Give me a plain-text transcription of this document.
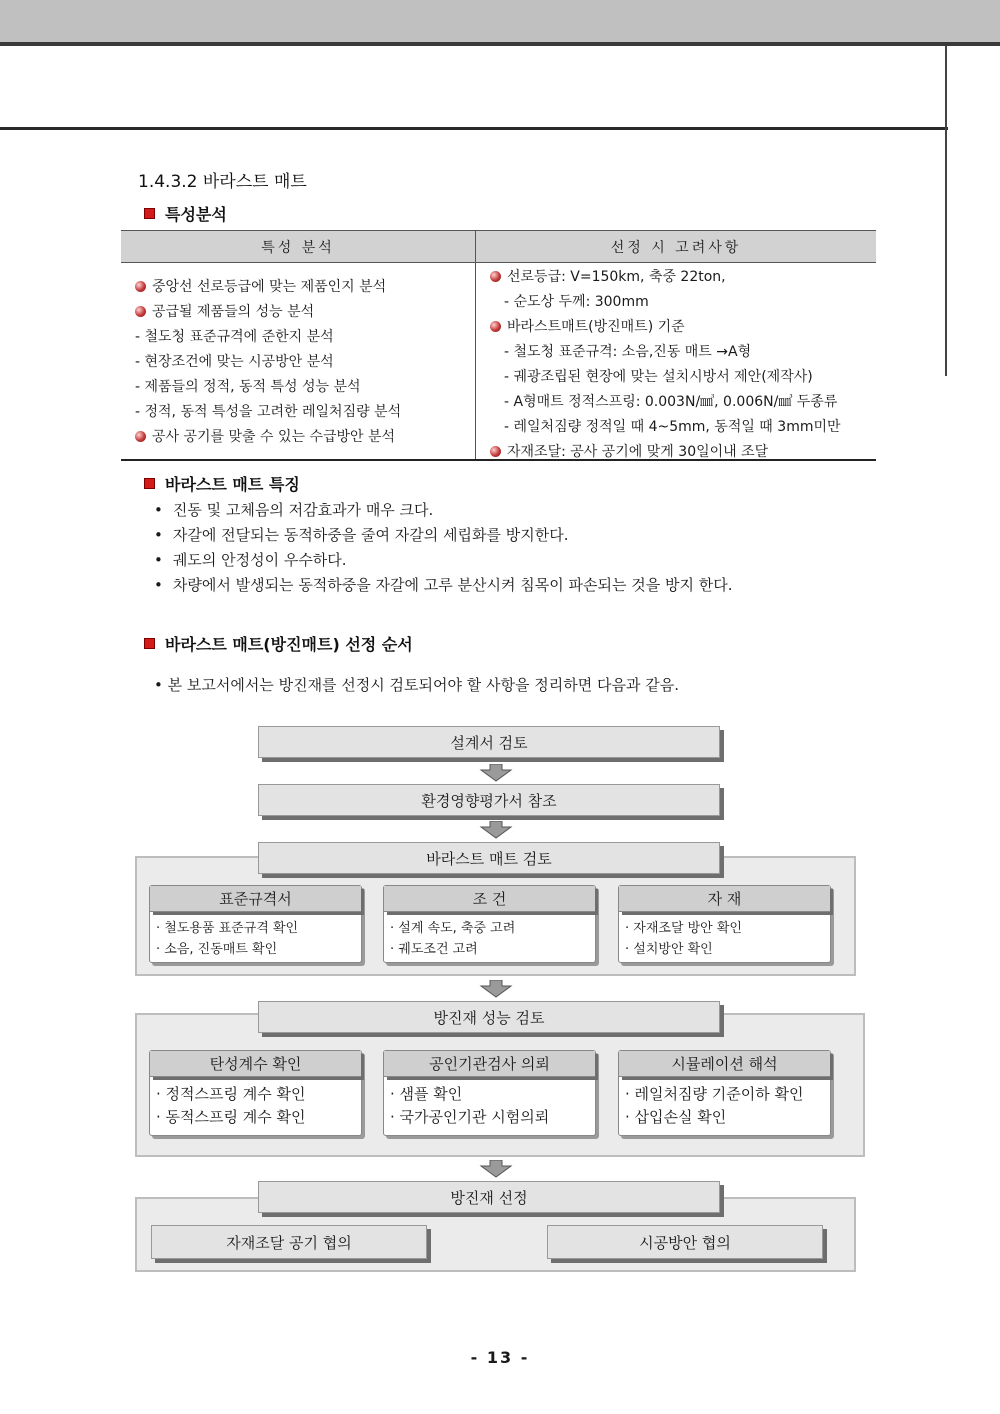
1.4.3.2 바라스트 매트
특성분석
특성 분석	선정 시 고려사항
중앙선 선로등급에 맞는 제품인지 분석
공급될 제품들의 성능 분석
- 철도청 표준규격에 준한지 분석
- 현장조건에 맞는 시공방안 분석
- 제품들의 정적, 동적 특성 성능 분석
- 정적, 동적 특성을 고려한 레일처짐량 분석
공사 공기를 맞출 수 있는 수급방안 분석
선로등급: V=150km, 축중 22ton,
- 순도상 두께: 300mm
바라스트매트(방진매트) 기준
- 철도청 표준규격: 소음,진동 매트 →A형
- 궤광조립된 현장에 맞는 설치시방서 제안(제작사)
- A형매트 정적스프링: 0.003N/㎣, 0.006N/㎣ 두종류
- 레일처짐량 정적일 때 4~5mm, 동적일 때 3mm미만
자재조달: 공사 공기에 맞게 30일이내 조달
바라스트 매트 특징
• 진동 및 고체음의 저감효과가 매우 크다.
• 자갈에 전달되는 동적하중을 줄여 자갈의 세립화를 방지한다.
• 궤도의 안정성이 우수하다.
• 차량에서 발생되는 동적하중을 자갈에 고루 분산시켜 침목이 파손되는 것을 방지 한다.
바라스트 매트(방진매트) 선정 순서
• 본 보고서에서는 방진재를 선정시 검토되어야 할 사항을 정리하면 다음과 같음.
설계서 검토
환경영향평가서 참조
바라스트 매트 검토
표준규격서
· 철도용품 표준규격 확인
· 소음, 진동매트 확인
조 건
· 설계 속도, 축중 고려
· 궤도조건 고려
자 재
· 자재조달 방안 확인
· 설치방안 확인
방진재 성능 검토
탄성계수 확인
· 정적스프링 계수 확인
· 동적스프링 계수 확인
공인기관검사 의뢰
· 샘플 확인
· 국가공인기관 시험의뢰
시뮬레이션 해석
· 레일처짐량 기준이하 확인
· 삽입손실 확인
방진재 선정
자재조달 공기 협의	시공방안 협의
- 13 -
